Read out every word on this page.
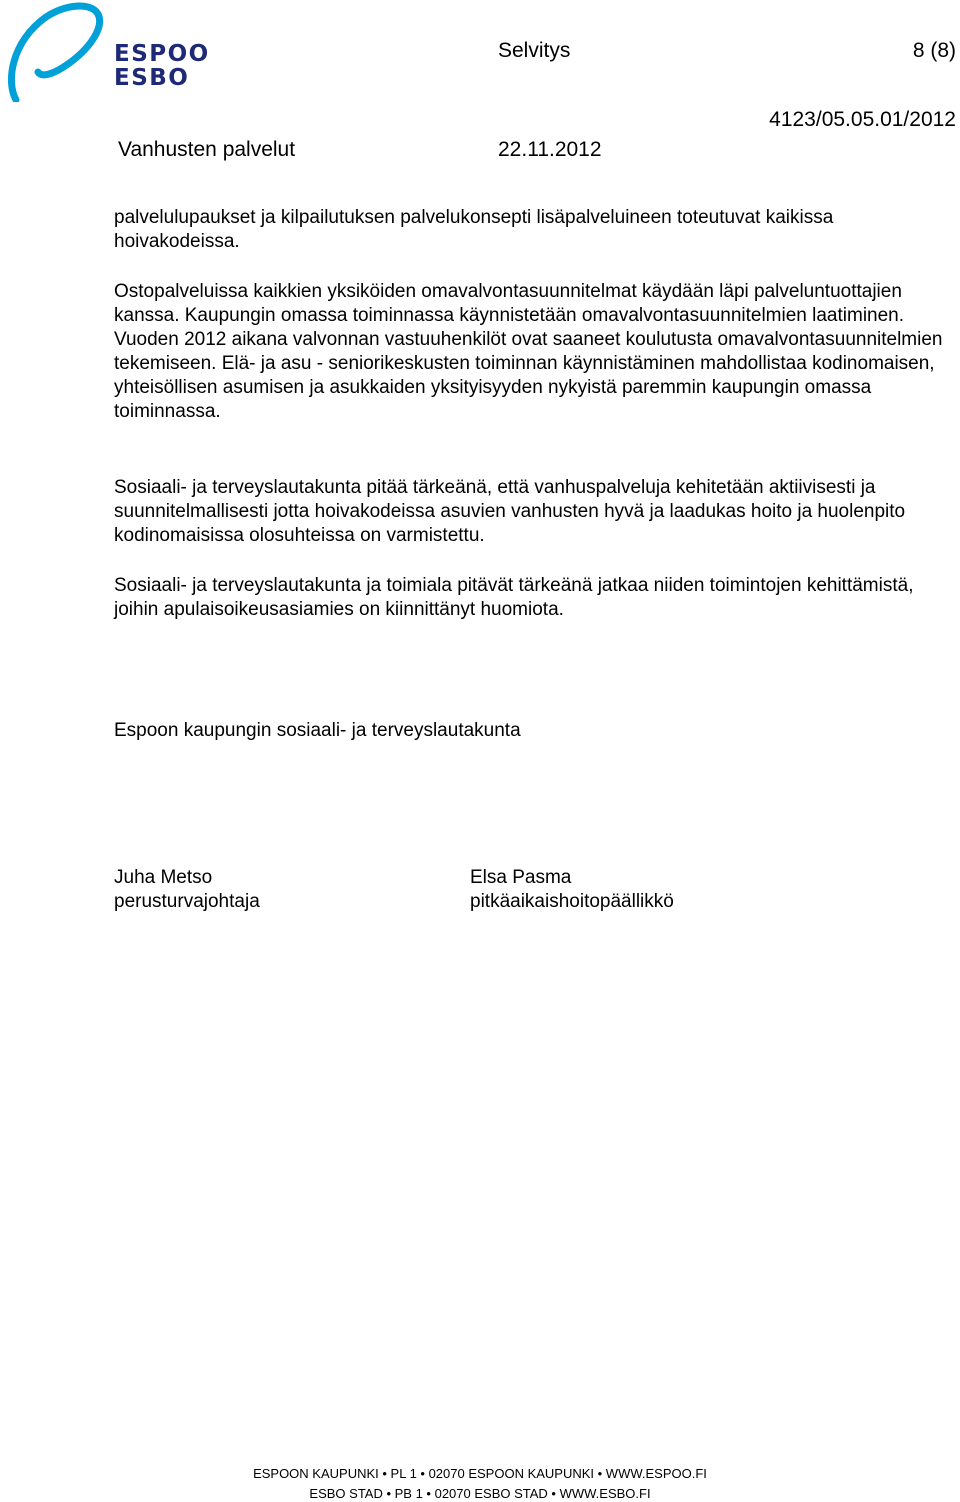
ESPOO
ESBO
Selvitys	8 (8)
Vanhusten palvelut	22.11.2012
4123/05.05.01/2012

palvelulupaukset ja kilpailutuksen palvelukonsepti lisäpalveluineen toteutuvat kaikissa hoivakodeissa.

Ostopalveluissa kaikkien yksiköiden omavalvontasuunnitelmat käydään läpi palveluntuottajien kanssa. Kaupungin omassa toiminnassa käynnistetään omavalvontasuunnitelmien laatiminen. Vuoden 2012 aikana valvonnan vastuuhenkilöt ovat saaneet koulutusta omavalvontasuunnitelmien tekemiseen. Elä- ja asu - seniorikeskusten toiminnan käynnistäminen mahdollistaa kodinomaisen, yhteisöllisen asumisen ja asukkaiden yksityisyyden nykyistä paremmin kaupungin omassa toiminnassa.

Sosiaali- ja terveyslautakunta pitää tärkeänä, että vanhuspalveluja kehitetään aktiivisesti ja suunnitelmallisesti jotta hoivakodeissa asuvien vanhusten hyvä ja laadukas hoito ja huolenpito kodinomaisissa olosuhteissa on varmistettu.

Sosiaali- ja terveyslautakunta ja toimiala pitävät tärkeänä jatkaa niiden toimintojen kehittämistä, joihin apulaisoikeusasiamies on kiinnittänyt huomiota.

Espoon kaupungin sosiaali- ja terveyslautakunta
Juha Metso
perusturvajohtaja
Elsa Pasma
pitkäaikaishoitopäällikkö
ESPOON KAUPUNKI • PL 1 • 02070 ESPOON KAUPUNKI • WWW.ESPOO.FI
ESBO STAD • PB 1 • 02070 ESBO STAD • WWW.ESBO.FI
